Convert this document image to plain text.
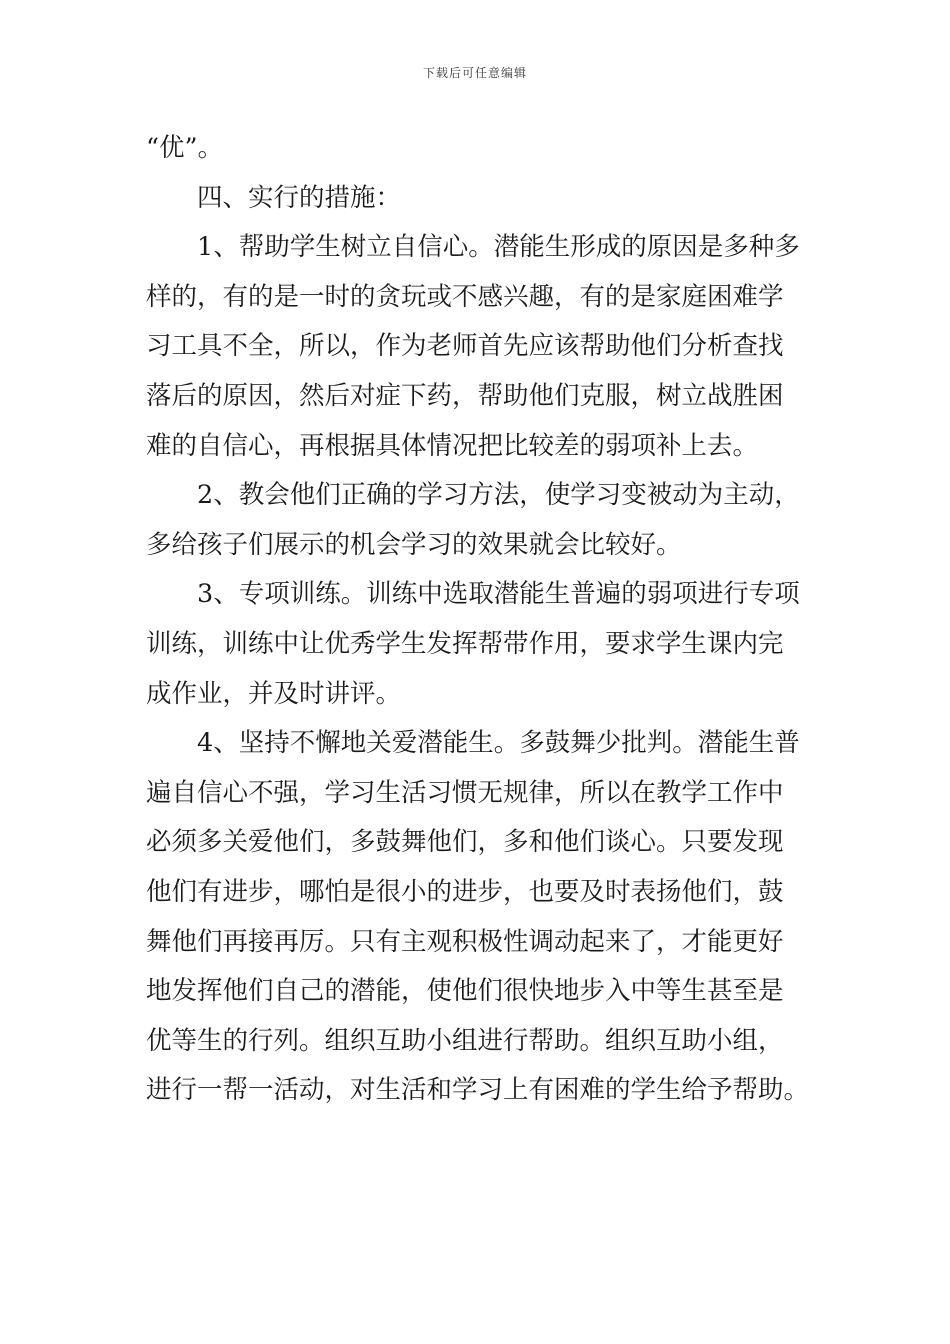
下载后可任意编辑
“优”。
　　四、实行的措施：
　　1、帮助学生树立自信心。潜能生形成的原因是多种多
样的，有的是一时的贪玩或不感兴趣，有的是家庭困难学
习工具不全，所以，作为老师首先应该帮助他们分析查找
落后的原因，然后对症下药，帮助他们克服，树立战胜困
难的自信心，再根据具体情况把比较差的弱项补上去。
　　2、教会他们正确的学习方法，使学习变被动为主动，
多给孩子们展示的机会学习的效果就会比较好。
　　3、专项训练。训练中选取潜能生普遍的弱项进行专项
训练，训练中让优秀学生发挥帮带作用，要求学生课内完
成作业，并及时讲评。
　　4、坚持不懈地关爱潜能生。多鼓舞少批判。潜能生普
遍自信心不强，学习生活习惯无规律，所以在教学工作中
必须多关爱他们，多鼓舞他们，多和他们谈心。只要发现
他们有进步，哪怕是很小的进步，也要及时表扬他们，鼓
舞他们再接再厉。只有主观积极性调动起来了，才能更好
地发挥他们自己的潜能，使他们很快地步入中等生甚至是
优等生的行列。组织互助小组进行帮助。组织互助小组，
进行一帮一活动，对生活和学习上有困难的学生给予帮助。
